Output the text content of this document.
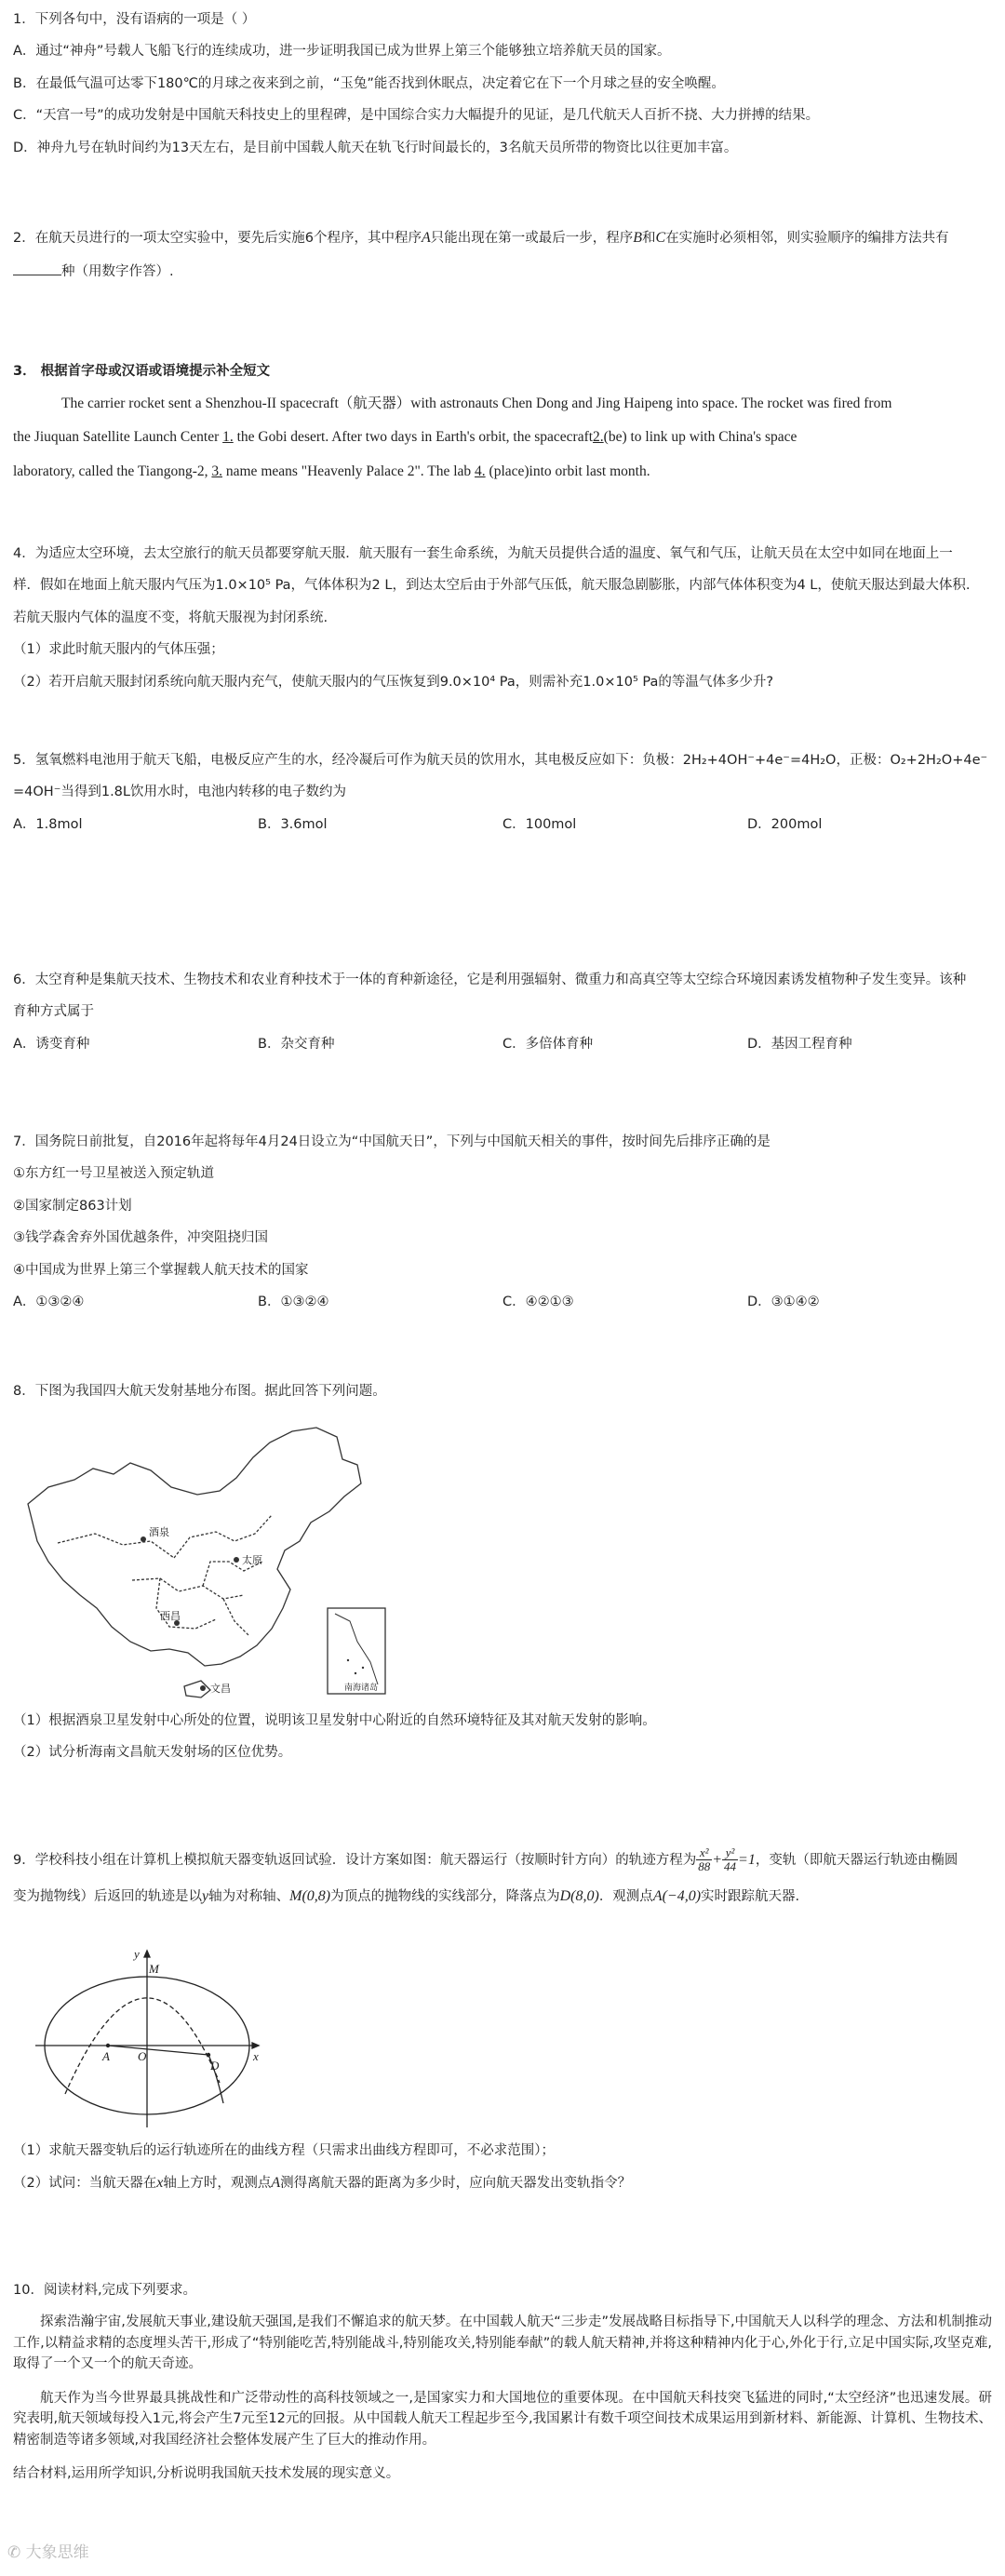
1．下列各句中，没有语病的一项是（ ）
A．通过“神舟”号载人飞船飞行的连续成功，进一步证明我国已成为世界上第三个能够独立培养航天员的国家。
B．在最低气温可达零下180℃的月球之夜来到之前，“玉兔”能否找到休眠点，决定着它在下一个月球之昼的安全唤醒。
C．“天宫一号”的成功发射是中国航天科技史上的里程碑，是中国综合实力大幅提升的见证，是几代航天人百折不挠、大力拼搏的结果。
D．神舟九号在轨时间约为13天左右，是目前中国载人航天在轨飞行时间最长的，3名航天员所带的物资比以往更加丰富。
2．在航天员进行的一项太空实验中，要先后实施6个程序，其中程序A只能出现在第一或最后一步，程序B和C在实施时必须相邻，则实验顺序的编排方法共有
种（用数字作答）.
3． 根据首字母或汉语或语境提示补全短文
The carrier rocket sent a Shenzhou-II spacecraft（航天器）with astronauts Chen Dong and Jing Haipeng into space. The rocket was fired from
the Jiuquan Satellite Launch Center 1. the Gobi desert. After two days in Earth's orbit, the spacecraft2.(be) to link up with China's space
laboratory, called the Tiangong-2, 3. name means "Heavenly Palace 2". The lab 4. (place)into orbit last month.
4．为适应太空环境，去太空旅行的航天员都要穿航天服．航天服有一套生命系统，为航天员提供合适的温度、氧气和气压，让航天员在太空中如同在地面上一
样．假如在地面上航天服内气压为1.0×10⁵ Pa，气体体积为2 L，到达太空后由于外部气压低，航天服急剧膨胀，内部气体体积变为4 L，使航天服达到最大体积.
若航天服内气体的温度不变，将航天服视为封闭系统.
（1）求此时航天服内的气体压强；
（2）若开启航天服封闭系统向航天服内充气，使航天服内的气压恢复到9.0×10⁴ Pa，则需补充1.0×10⁵ Pa的等温气体多少升?
5．氢氧燃料电池用于航天飞船，电极反应产生的水，经冷凝后可作为航天员的饮用水，其电极反应如下：负极：2H₂+4OH⁻+4e⁻=4H₂O，正极：O₂+2H₂O+4e⁻
=4OH⁻当得到1.8L饮用水时，电池内转移的电子数约为
A．1.8mol	B．3.6mol	C．100mol	D．200mol
6．太空育种是集航天技术、生物技术和农业育种技术于一体的育种新途径，它是利用强辐射、微重力和高真空等太空综合环境因素诱发植物种子发生变异。该种
育种方式属于
A．诱变育种	B．杂交育种	C．多倍体育种	D．基因工程育种
7．国务院日前批复，自2016年起将每年4月24日设立为“中国航天日”，下列与中国航天相关的事件，按时间先后排序正确的是
①东方红一号卫星被送入预定轨道
②国家制定863计划
③钱学森舍弃外国优越条件，冲突阻挠归国
④中国成为世界上第三个掌握载人航天技术的国家
A．①③②④	B．①③②④	C．④②①③	D．③①④②
8．下图为我国四大航天发射基地分布图。据此回答下列问题。
酒泉
太原
西昌
文昌	南海诸岛
（1）根据酒泉卫星发射中心所处的位置，说明该卫星发射中心附近的自然环境特征及其对航天发射的影响。
（2）试分析海南文昌航天发射场的区位优势。
9．学校科技小组在计算机上模拟航天器变轨返回试验．设计方案如图：航天器运行（按顺时针方向）的轨迹方程为 $\frac{\text{x²}}{88} + \frac{\text{y²}}{44} =1$，变轨（即航天器运行轨迹由椭圆
变为抛物线）后返回的轨迹是以y轴为对称轴、M(0,8)为顶点的抛物线的实线部分，降落点为D(8,0)．观测点A(−4,0)实时跟踪航天器.
y
M
A O	x
D
（1）求航天器变轨后的运行轨迹所在的曲线方程（只需求出曲线方程即可，不必求范围）；
（2）试问：当航天器在x轴上方时，观测点A测得离航天器的距离为多少时，应向航天器发出变轨指令？
10．阅读材料,完成下列要求。
探索浩瀚宇宙,发展航天事业,建设航天强国,是我们不懈追求的航天梦。在中国载人航天“三步走”发展战略目标指导下,中国航天人以科学的理念、方法和机制推动工作,以精益求精的态度埋头苦干,形成了“特别能吃苦,特别能战斗,特别能攻关,特别能奉献”的载人航天精神,并将这种精神内化于心,外化于行,立足中国实际,攻坚克难,取得了一个又一个的航天奇迹。
航天作为当今世界最具挑战性和广泛带动性的高科技领域之一,是国家实力和大国地位的重要体现。在中国航天科技突飞猛进的同时,“太空经济”也迅速发展。研究表明,航天领域每投入1元,将会产生7元至12元的回报。从中国载人航天工程起步至今,我国累计有数千项空间技术成果运用到新材料、新能源、计算机、生物技术、精密制造等诸多领域,对我国经济社会整体发展产生了巨大的推动作用。
结合材料,运用所学知识,分析说明我国航天技术发展的现实意义。
✆ 大象思维
